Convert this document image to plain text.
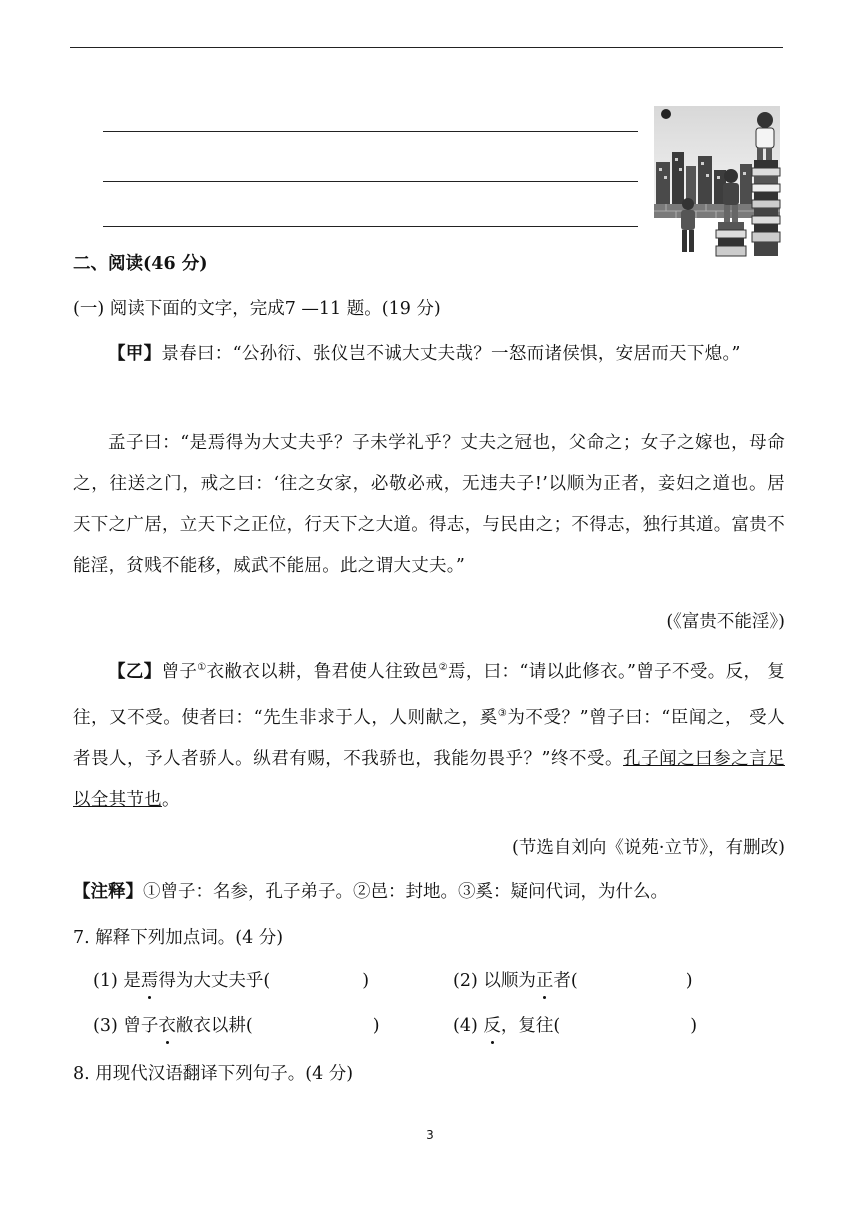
二、阅读(46 分)
(一) 阅读下面的文字，完成7 —11 题。(19 分)
【甲】景春曰：“公孙衍、张仪岂不诚大丈夫哉？一怒而诸侯惧，安居而天下熄。”
孟子曰：“是焉得为大丈夫乎？子未学礼乎？丈夫之冠也，父命之；女子之嫁也，母命之，往送之门，戒之曰：‘往之女家，必敬必戒，无违夫子!’以顺为正者，妾妇之道也。居天下之广居，立天下之正位，行天下之大道。得志，与民由之；不得志，独行其道。富贵不能淫，贫贱不能移，威武不能屈。此之谓大丈夫。”
(《富贵不能淫》)
【乙】曾子①衣敝衣以耕，鲁君使人往致邑②焉，曰：“请以此修衣。”曾子不受。反， 复往，又不受。使者曰：“先生非求于人，人则献之，奚③为不受？”曾子曰：“臣闻之， 受人者畏人，予人者骄人。纵君有赐，不我骄也，我能勿畏乎？”终不受。孔子闻之曰参之言足以全其节也。
(节选自刘向《说苑·立节》，有删改)
【注释】①曾子：名参，孔子弟子。②邑：封地。③奚：疑问代词，为什么。
7. 解释下列加点词。(4 分)
(1) 是焉得为大丈夫乎(	)	(2) 以顺为正者(	)
(3) 曾子衣敝衣以耕(	)	(4) 反，复往(	)
8. 用现代汉语翻译下列句子。(4 分)
3
